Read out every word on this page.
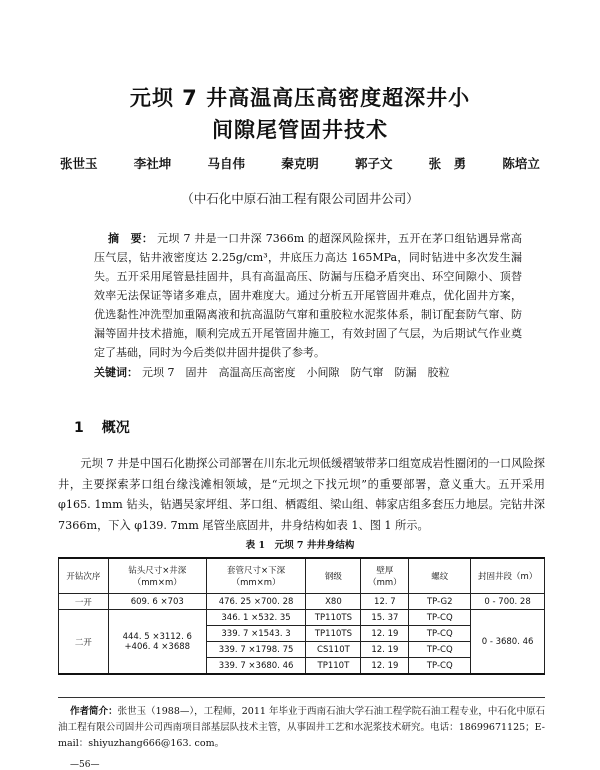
元坝 7 井高温高压高密度超深井小
间隙尾管固井技术
张世玉	李社坤	马自伟	秦克明	郭子文	张　勇	陈培立
（中石化中原石油工程有限公司固井公司）
摘　要： 元坝 7 井是一口井深 7366m 的超深风险探井，五开在茅口组钻遇异常高压气层，钻井液密度达 2.25g/cm³，井底压力高达 165MPa，同时钻进中多次发生漏失。五开采用尾管悬挂固井，具有高温高压、防漏与压稳矛盾突出、环空间隙小、顶替效率无法保证等诸多难点，固井难度大。通过分析五开尾管固井难点，优化固井方案，优选黏性冲洗型加重隔离液和抗高温防气窜和重胶粒水泥浆体系，制订配套防气窜、防漏等固井技术措施，顺利完成五开尾管固井施工，有效封固了气层，为后期试气作业奠定了基础，同时为今后类似井固井提供了参考。
关键词： 元坝 7　固井　高温高压高密度　小间隙　防气窜　防漏　胶粒
1 概况
元坝 7 井是中国石化勘探公司部署在川东北元坝低缓褶皱带茅口组宽成岩性圈闭的一口风险探井，主要探索茅口组台缘浅滩相领域，是“元坝之下找元坝”的重要部署，意义重大。五开采用 φ165. 1mm 钻头，钻遇吴家坪组、茅口组、栖霞组、梁山组、韩家店组多套压力地层。完钻井深 7366m，下入 φ139. 7mm 尾管坐底固井，井身结构如表 1、图 1 所示。
表 1　元坝 7 井井身结构
开钻次序	钻头尺寸×井深（mm×m）	套管尺寸×下深（mm×m）	钢级	壁厚（mm）	螺纹	封固井段（m）
一开	609. 6 ×703	476. 25 ×700. 28	X80	12. 7	TP-G2	0 - 700. 28
二开	444. 5 ×3112. 6
+406. 4 ×3688	346. 1 ×532. 35	TP110TS	15. 37	TP-CQ	0 - 3680. 46
		339. 7 ×1543. 3	TP110TS	12. 19	TP-CQ	
		339. 7 ×1798. 75	CS110T	12. 19	TP-CQ	
		339. 7 ×3680. 46	TP110T	12. 19	TP-CQ	
作者简介：张世玉（1988—），工程师，2011 年毕业于西南石油大学石油工程学院石油工程专业，中石化中原石油工程有限公司固井公司西南项目部基层队技术主管，从事固井工艺和水泥浆技术研究。电话：18699671125；E-mail：shiyuzhang666@163. com。
—56—
